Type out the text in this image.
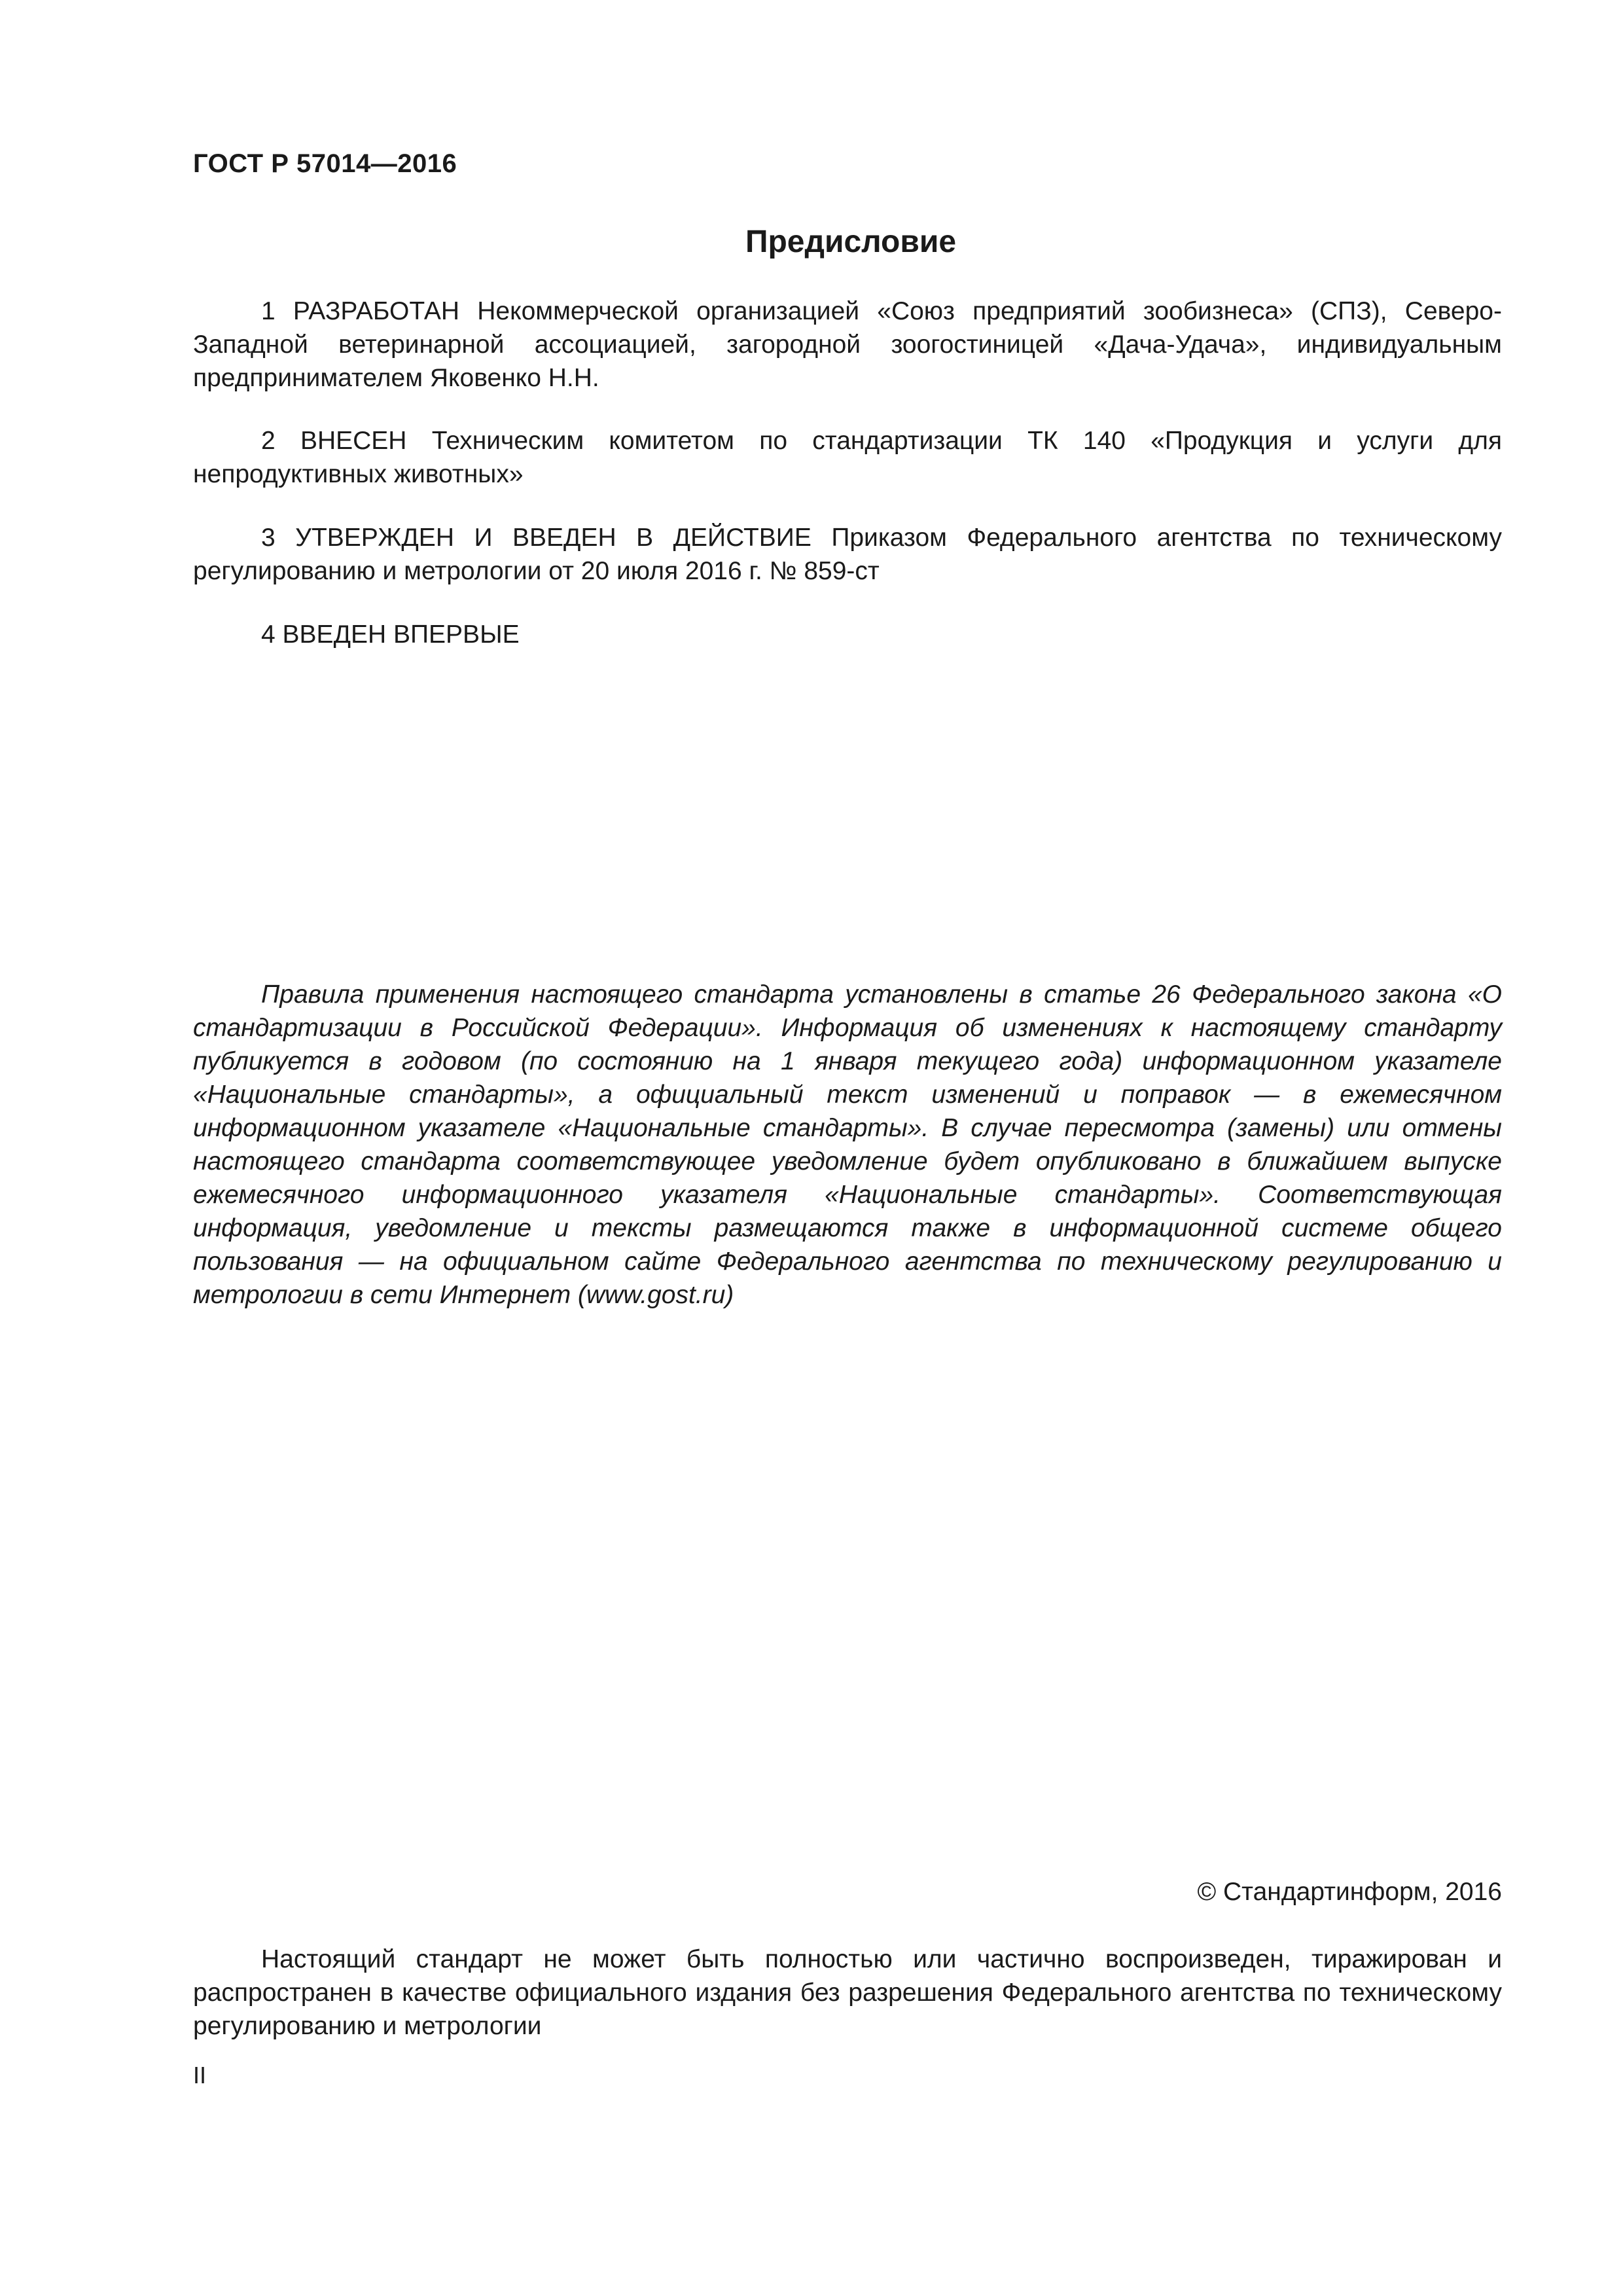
ГОСТ Р 57014—2016
Предисловие

1 РАЗРАБОТАН Некоммерческой организацией «Союз предприятий зообизнеса» (СПЗ), Северо-Западной ветеринарной ассоциацией, загородной зоогостиницей «Дача-Удача», индивидуальным предпринимателем Яковенко Н.Н.

2 ВНЕСЕН Техническим комитетом по стандартизации ТК 140 «Продукция и услуги для непродуктивных животных»

3 УТВЕРЖДЕН И ВВЕДЕН В ДЕЙСТВИЕ Приказом Федерального агентства по техническому регулированию и метрологии от 20 июля 2016 г. № 859-ст

4 ВВЕДЕН ВПЕРВЫЕ

Правила применения настоящего стандарта установлены в статье 26 Федерального закона «О стандартизации в Российской Федерации». Информация об изменениях к настоящему стандарту публикуется в годовом (по состоянию на 1 января текущего года) информационном указателе «Национальные стандарты», а официальный текст изменений и поправок — в ежемесячном информационном указателе «Национальные стандарты». В случае пересмотра (замены) или отмены настоящего стандарта соответствующее уведомление будет опубликовано в ближайшем выпуске ежемесячного информационного указателя «Национальные стандарты». Соответствующая информация, уведомление и тексты размещаются также в информационной системе общего пользования — на официальном сайте Федерального агентства по техническому регулированию и метрологии в сети Интернет (www.gost.ru)

© Стандартинформ, 2016

Настоящий стандарт не может быть полностью или частично воспроизведен, тиражирован и распространен в качестве официального издания без разрешения Федерального агентства по техническому регулированию и метрологии

II
